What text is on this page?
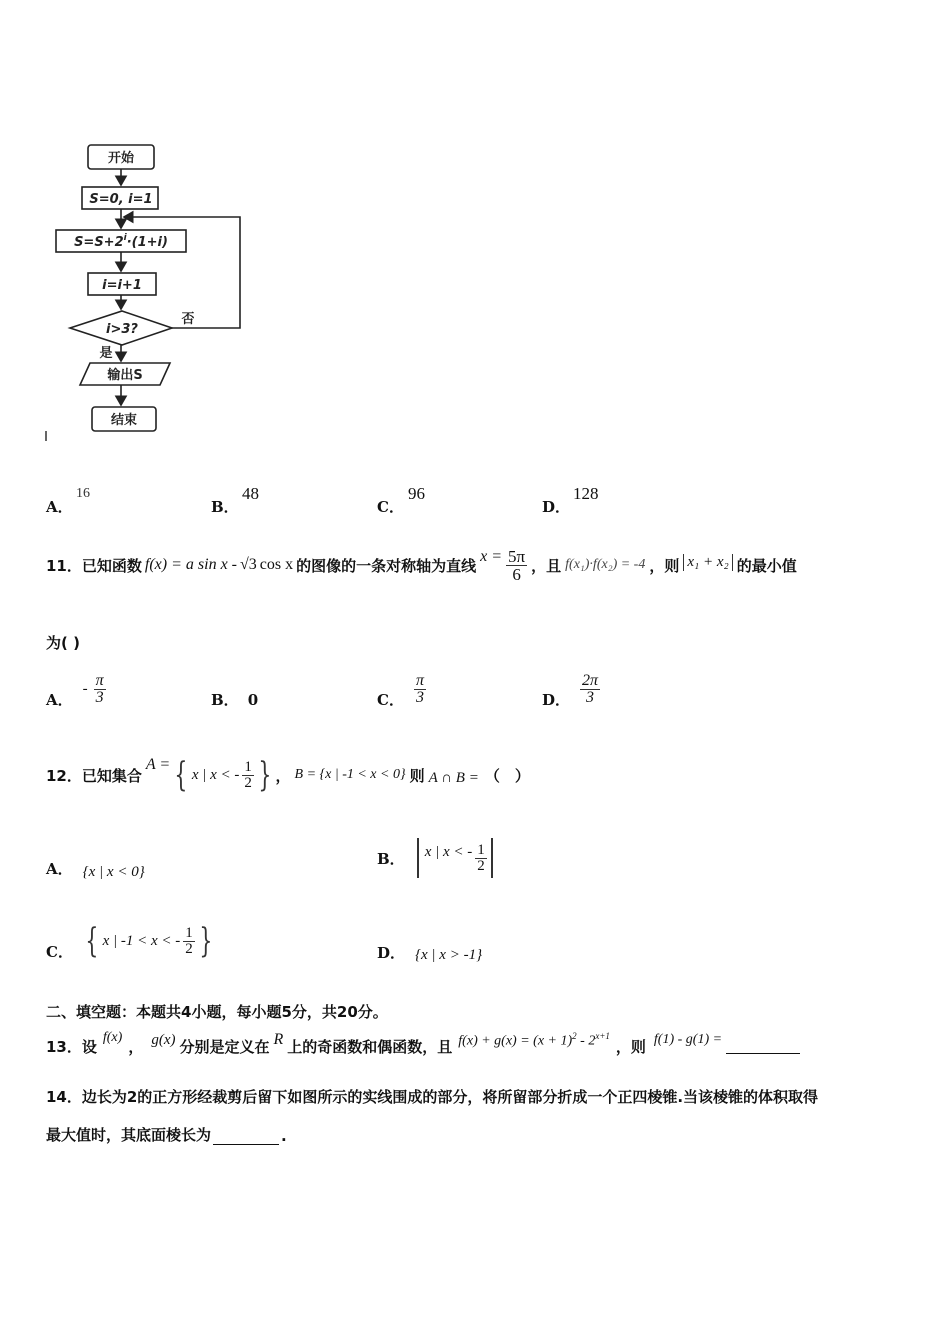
开始
S=0, i=1
$S=S+2^i\cdot(1+i)$
i=i+1
i>3?
否
是
输出S
结束
A．
16
B．
48
C．
96
D．
128
11． 已知函数 f(x) = a sin x - √3 cos x 的图像的一条对称轴为直线 $x = \frac{5\pi}{6}$ ，且 f(x₁)·f(x₂) = -4 ，则 x₁ + x₂ 的最小值
为( )
A．
- $\frac{\pi}{3}$	B． 0	C． $\frac{\pi}{3}$	D． $\frac{2\pi}{3}$
12． 已知集合
A = { x | x < - $\frac{1}{2}$ } ， B = {x | -1 < x < 0} 则 A ∩ B = （　）
A． {x | x < 0}
B． x | x < - $\frac{1}{2}$
C． { x | -1 < x < - $\frac{1}{2}$ }	D． {x | x > -1}
二、填空题：本题共4小题，每小题5分，共20分。
13．设 f(x) ， g(x) 分别是定义在 R 上的奇函数和偶函数，且 $f(x) + g(x) = (x + 1)^2 - 2^{x+1}$
，则 f(1) - g(1) =
14．边长为2的正方形经裁剪后留下如图所示的实线围成的部分，将所留部分折成一个正四棱锥.当该棱锥的体积取得
最大值时，其底面棱长为	.
